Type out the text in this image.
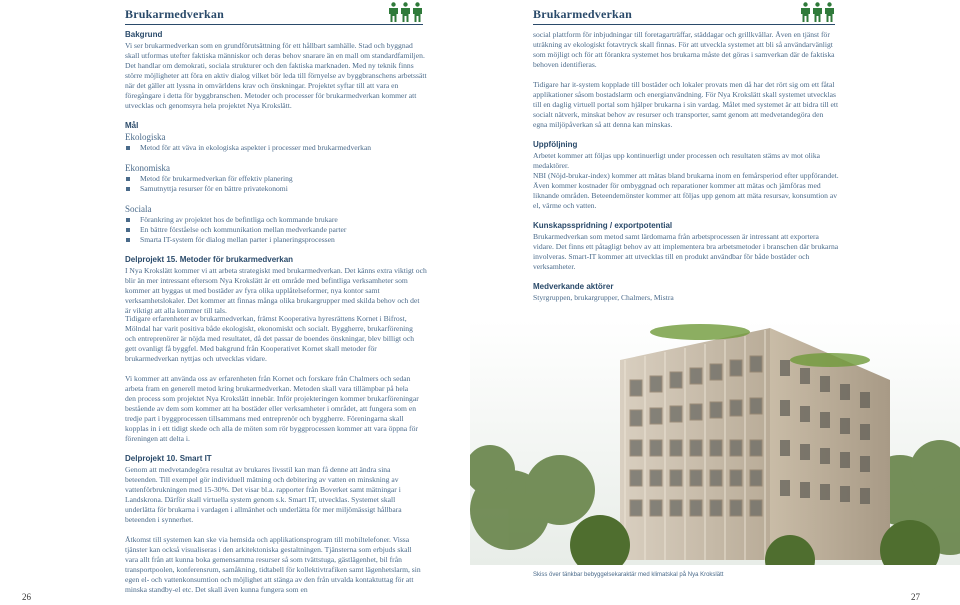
Brukarmedverkan
Bakgrund

Vi ser brukarmedverkan som en grundförutsättning för ett hållbart samhälle. Stad och byggnad skall utformas utefter faktiska människor och deras behov snarare än en mall om standardfamiljen. Det handlar om demokrati, sociala strukturer och den faktiska marknaden. Med ny teknik finns större möjligheter att föra en aktiv dialog vilket bör leda till förnyelse av byggbranschens arbetssätt när det gäller att lyssna in omvärldens krav och önskningar. Projektet syftar till att vara en föregångare i detta för byggbranschen. Metoder och processer för brukarmedverkan kommer att utvecklas och genomsyra hela projektet Nya Krokslätt.

Mål
Ekologiska
Metod för att väva in ekologiska aspekter i processer med brukarmedverkan
Ekonomiska
Metod för brukarmedverkan för effektiv planering
Samutnyttja resurser för en bättre privatekonomi
Sociala
Förankring av projektet hos de befintliga och kommande brukare
En bättre förståelse och kommunikation mellan medverkande parter
Smarta IT-system för dialog mellan parter i planeringsprocessen
Delprojekt 15. Metoder för brukarmedverkan

I Nya Krokslätt kommer vi att arbeta strategiskt med brukarmedverkan. Det känns extra viktigt och blir än mer intressant eftersom Nya Krokslätt är ett område med befintliga verksamheter som kommer att byggas ut med bostäder av fyra olika upplåtelseformer, nya kontor samt verksamhetslokaler. Det kommer att finnas många olika brukargrupper med skilda behov och det är viktigt att alla kommer till tals.

Tidigare erfarenheter av brukarmedverkan, främst Kooperativa hyresrättens Kornet i Bifrost, Mölndal har varit positiva både ekologiskt, ekonomiskt och socialt. Byggherre, brukarförening och entreprenörer är nöjda med resultatet, då det passar de boendes önskningar, blev billigt och gett ovanligt få byggfel. Med bakgrund från Kooperativet Kornet skall metoder för brukarmedverkan nyttjas och utvecklas vidare.

Vi kommer att använda oss av erfarenheten från Kornet och forskare från Chalmers och sedan arbeta fram en generell metod kring brukarmedverkan. Metoden skall vara tillämpbar på hela den process som projektet Nya Krokslätt innebär. Inför projekteringen kommer brukarföreningar bestående av dem som kommer att ha bostäder eller verksamheter i området, att fungera som en tredje part i byggprocessen tillsammans med entreprenör och byggherre. Föreningarna skall kopplas in i ett tidigt skede och alla de möten som rör byggprocessen kommer att vara öppna för föreningen att delta i.

Delprojekt 10. Smart IT

Genom att medvetandegöra resultat av brukares livsstil kan man få denne att ändra sina beteenden. Till exempel gör individuell mätning och debitering av vatten en minskning av vattenförbrukningen med 15-30%. Det visar bl.a. rapporter från Boverket samt mätningar i Landskrona. Därför skall virtuella system genom s.k. Smart IT, utvecklas. Systemet skall underlätta för brukarna i vardagen i allmänhet och underlätta för mer miljömässigt hållbara beteenden i synnerhet.

Åtkomst till systemen kan ske via hemsida och applikationsprogram till mobiltelefoner. Vissa tjänster kan också visualiseras i den arkitektoniska gestaltningen. Tjänsterna som erbjuds skall vara allt från att kunna boka gemensamma resurser så som tvättstuga, gästlägenhet, bil från transportpoolen, konferensrum, samåkning, tidtabell för kollektivtrafiken samt lägenhetslarm, sin egen el- och vattenkonsumtion och möjlighet att stänga av den från utvalda kontaktuttag för att minska standby-el etc. Det skall även kunna fungera som en

26
Brukarmedverkan

social plattform för inbjudningar till foretagarträffar, städdagar och grillkvällar. Även en tjänst för uträkning av ekologiskt fotavtryck skall finnas. För att utveckla systemet att bli så användarvänligt som möjligt och för att förankra systemet hos brukarna måste det göras i samverkan där de faktiska behoven identifieras.

Tidigare har it-system kopplade till bostäder och lokaler provats men då har det rört sig om ett fåtal applikationer såsom bostadslarm och energianvändning. För Nya Krokslätt skall systemet utvecklas till en daglig virtuell portal som hjälper brukarna i sin vardag. Målet med systemet är att bidra till ett socialt nätverk, minskat behov av resurser och transporter, samt genom att medvetandegöra den egna miljöpåverkan så att denna kan minskas.

Uppföljning
Arbetet kommer att följas upp kontinuerligt under processen och resultaten stäms av mot olika medaktörer.

NBI (Nöjd-brukar-index) kommer att mätas bland brukarna inom en femårsperiod efter uppförandet. Även kommer kostnader för ombyggnad och reparationer kommer att mätas och jämföras med liknande områden. Beteendemönster kommer att följas upp genom att mäta resursav, konsumtion av el, värme och vatten.

Kunskapsspridning / exportpotential

Brukarmedverkan som metod samt lärdomarna från arbetsprocessen är intressant att exportera vidare. Det finns ett påtagligt behov av att implementera bra arbetsmetoder i branschen där brukarna involveras. Smart-IT kommer att utvecklas till en produkt användbar för både bostäder och verksamheter.

Medverkande aktörer

Styrgruppen, brukargrupper, Chalmers, Mistra

27
Skiss över tänkbar bebyggelsekaraktär med klimatskal på Nya Krokslätt
